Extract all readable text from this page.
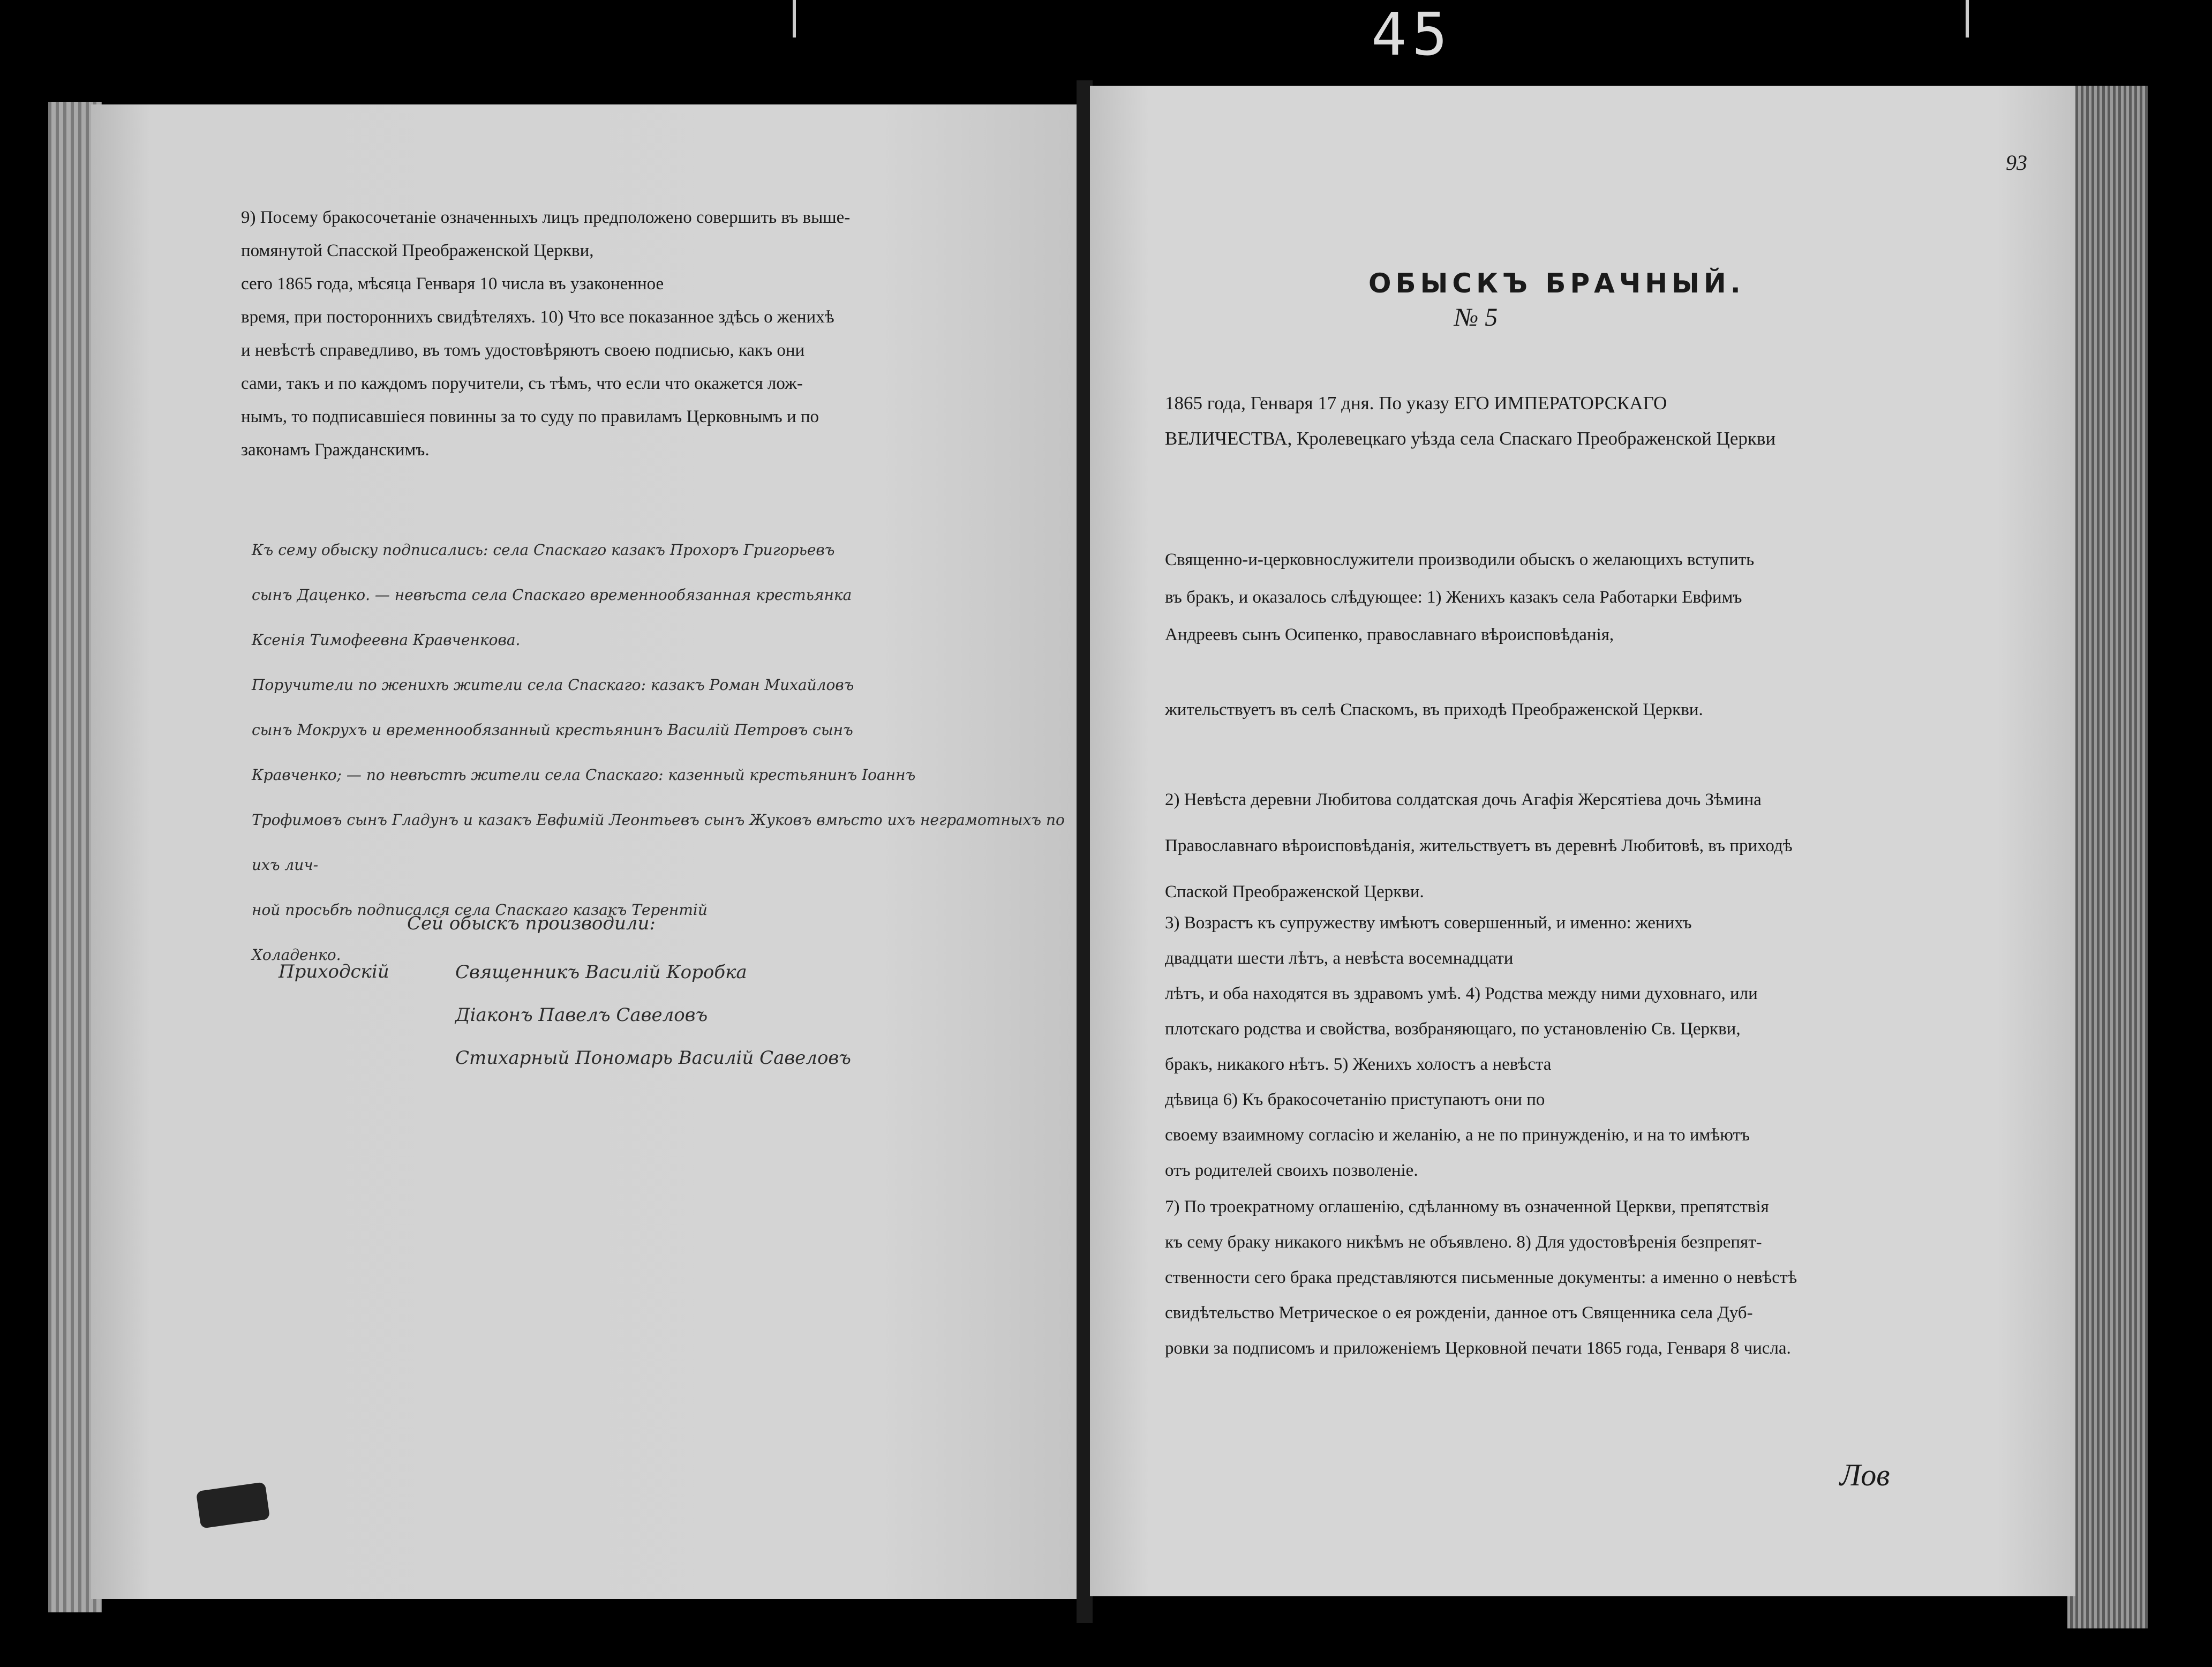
45
9) Посему бракосочетаніе означенныхъ лицъ предположено совершить въ выше-
помянутой Спасской Преображенской Церкви,
сего 1865 года, мѣсяца Генваря 10 числа въ узаконенное
время, при постороннихъ свидѣтеляхъ. 10) Что все показанное здѣсь о женихѣ
и невѣстѣ справедливо, въ томъ удостовѣряютъ своею подписью, какъ они
сами, такъ и по каждомъ поручители, съ тѣмъ, что если что окажется лож-
нымъ, то подписавшіеся повинны за то суду по правиламъ Церковнымъ и по
законамъ Гражданскимъ.
Къ сему обыску подписались: села Спаскаго казакъ Прохоръ Григорьевъ
сынъ Даценко. — невѣста села Спаскаго временнообязанная крестьянка
Ксенія Тимофеевна Кравченкова.
Поручители по женихѣ жители села Спаскаго: казакъ Роман Михайловъ
сынъ Мокрухъ и временнообязанный крестьянинъ Василій Петровъ сынъ
Кравченко; — по невѣстѣ жители села Спаскаго: казенный крестьянинъ Іоаннъ
Трофимовъ сынъ Гладунъ и казакъ Евфимій Леонтьевъ сынъ Жуковъ вмѣсто ихъ неграмотныхъ по ихъ лич-
ной просьбѣ подписался села Спаскаго казакъ Терентій
Холаденко.
Сей обыскъ производили:
Приходскій	Священникъ Василій Коробка
Діаконъ Павелъ Савеловъ
Стихарный Пономарь Василій Савеловъ
93
ОБЫСКЪ БРАЧНЫЙ.
№ 5
1865 года, Генваря 17 дня. По указу ЕГО ИМПЕРАТОРСКАГО
ВЕЛИЧЕСТВА, Кролевецкаго уѣзда села Спаскаго Преображенской Церкви
Священно-и-церковнослужители производили обыскъ о желающихъ вступить
въ бракъ, и оказалось слѣдующее: 1) Женихъ казакъ села Работарки Евфимъ
Андреевъ сынъ Осипенко, православнаго вѣроисповѣданія,

жительствуетъ въ селѣ Спаскомъ, въ приходѣ Преображенской Церкви.
2) Невѣста деревни Любитова солдатская дочь Агафія Жерсятіева дочь Зѣмина
Православнаго вѣроисповѣданія, жительствуетъ въ деревнѣ Любитовѣ, въ приходѣ
Спаской Преображенской Церкви.
3) Возрастъ къ супружеству имѣютъ совершенный, и именно: женихъ
двадцати шести лѣтъ, а невѣста восемнадцати
лѣтъ, и оба находятся въ здравомъ умѣ. 4) Родства между ними духовнаго, или
плотскаго родства и свойства, возбраняющаго, по установленію Св. Церкви,
бракъ, никакого нѣтъ. 5) Женихъ холостъ а невѣста
дѣвица 6) Къ бракосочетанію приступаютъ они по
своему взаимному согласію и желанію, а не по принужденію, и на то имѣютъ
отъ родителей своихъ позволеніе.
7) По троекратному оглашенію, сдѣланному въ означенной Церкви, препятствія
къ сему браку никакого никѣмъ не объявлено. 8) Для удостовѣренія безпрепят-
ственности сего брака представляются письменные документы: а именно о невѣстѣ
свидѣтельство Метрическое о ея рожденіи, данное отъ Священника села Дуб-
ровки за подписомъ и приложеніемъ Церковной печати 1865 года, Генваря 8 числа.
Лов
